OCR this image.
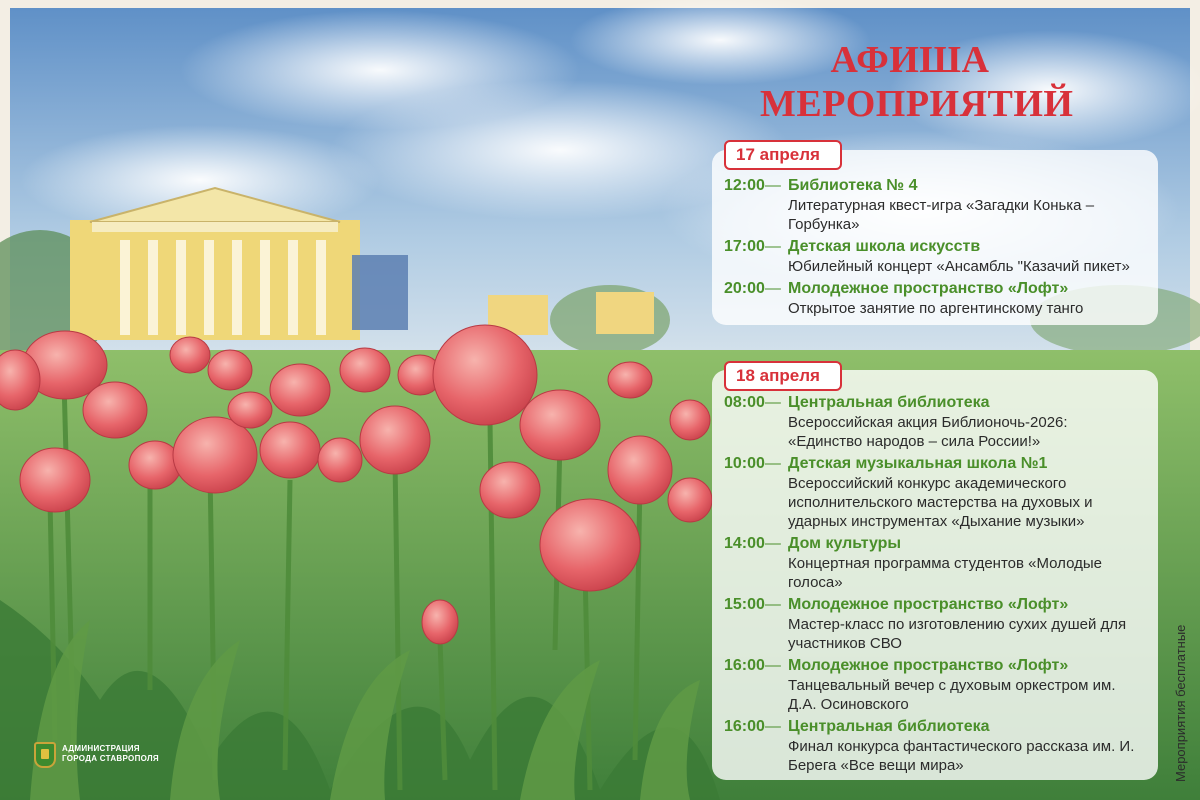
АФИША
МЕРОПРИЯТИЙ
17 апреля
12:00— Библиотека № 4
Литературная квест-игра «Загадки Конька – Горбунка»
17:00— Детская школа искусств
Юбилейный концерт «Ансамбль "Казачий пикет»
20:00— Молодежное пространство «Лофт»
Открытое занятие по аргентинскому танго
18 апреля
08:00— Центральная библиотека
Всероссийская акция Библионочь-2026: «Единство народов – сила России!»
10:00— Детская музыкальная школа №1
Всероссийский конкурс академического исполнительского мастерства на духовых и ударных инструментах «Дыхание музыки»
14:00— Дом культуры
Концертная программа студентов «Молодые голоса»
15:00— Молодежное пространство «Лофт»
Мастер-класс по изготовлению сухих душей для участников СВО
16:00— Молодежное пространство «Лофт»
Танцевальный вечер с духовым оркестром им. Д.А. Осиновского
16:00— Центральная библиотека
Финал конкурса фантастического рассказа им. И. Берега «Все вещи мира»	Мероприятия бесплатные
АДМИНИСТРАЦИЯ
ГОРОДА СТАВРОПОЛЯ
